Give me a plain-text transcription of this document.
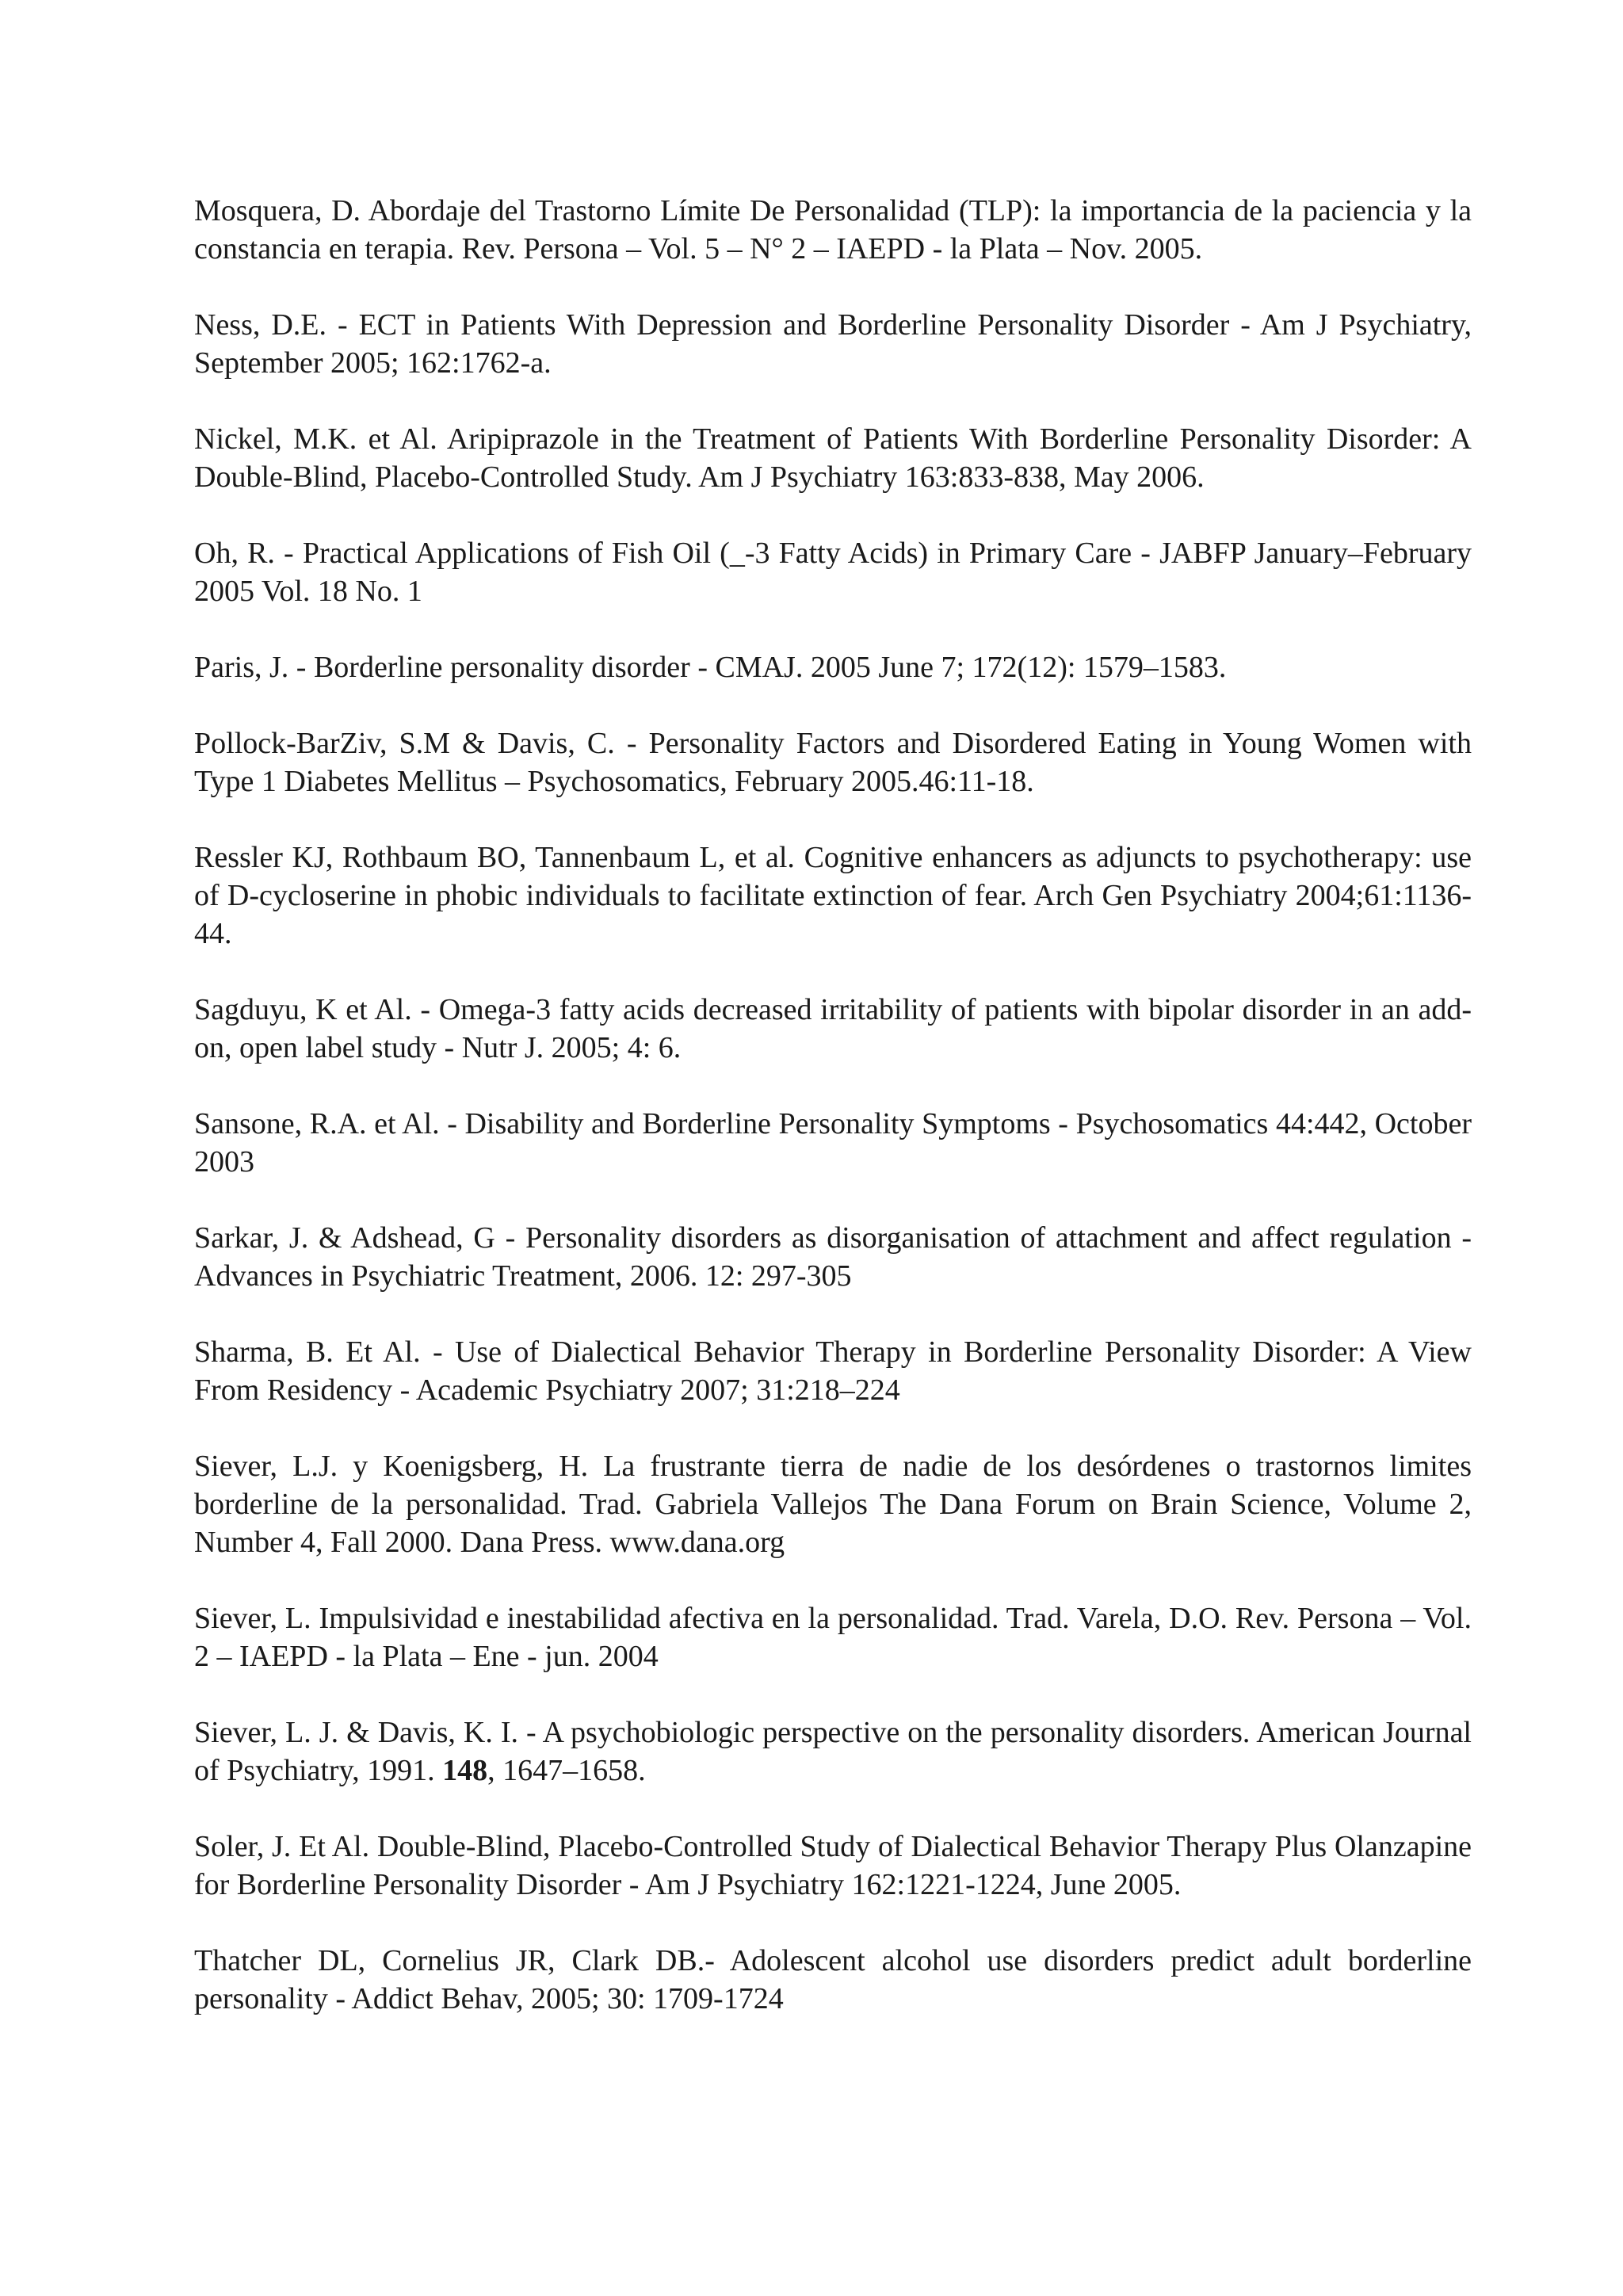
Mosquera, D. Abordaje del Trastorno Límite De Personalidad (TLP): la importancia de la paciencia y la constancia en terapia. Rev. Persona – Vol. 5 – N° 2 – IAEPD - la Plata – Nov. 2005.

Ness, D.E. - ECT in Patients With Depression and Borderline Personality Disorder - Am J Psychiatry, September 2005; 162:1762-a.

Nickel, M.K. et Al. Aripiprazole in the Treatment of Patients With Borderline Personality Disorder: A Double-Blind, Placebo-Controlled Study. Am J Psychiatry 163:833-838, May 2006.

Oh, R. - Practical Applications of Fish Oil (_-3 Fatty Acids) in Primary Care - JABFP January–February 2005 Vol. 18 No. 1

Paris, J. - Borderline personality disorder - CMAJ. 2005 June 7; 172(12): 1579–1583.

Pollock-BarZiv, S.M & Davis, C. - Personality Factors and Disordered Eating in Young Women with Type 1 Diabetes Mellitus – Psychosomatics, February 2005.46:11-18.

Ressler KJ, Rothbaum BO, Tannenbaum L, et al. Cognitive enhancers as adjuncts to psychotherapy: use of D-cycloserine in phobic individuals to facilitate extinction of fear. Arch Gen Psychiatry 2004;61:1136-44.

Sagduyu, K et Al. - Omega-3 fatty acids decreased irritability of patients with bipolar disorder in an add-on, open label study - Nutr J. 2005; 4: 6.

Sansone, R.A. et Al. - Disability and Borderline Personality Symptoms - Psychosomatics 44:442, October 2003

Sarkar, J. & Adshead, G - Personality disorders as disorganisation of attachment and affect regulation - Advances in Psychiatric Treatment, 2006. 12: 297-305

Sharma, B. Et Al. - Use of Dialectical Behavior Therapy in Borderline Personality Disorder: A View From Residency - Academic Psychiatry 2007; 31:218–224

Siever, L.J. y Koenigsberg, H. La frustrante tierra de nadie de los desórdenes o trastornos limites borderline de la personalidad. Trad. Gabriela Vallejos The Dana Forum on Brain Science, Volume 2, Number 4, Fall 2000. Dana Press. www.dana.org

Siever, L. Impulsividad e inestabilidad afectiva en la personalidad. Trad. Varela, D.O. Rev. Persona – Vol. 2 – IAEPD - la Plata – Ene - jun. 2004

Siever, L. J. & Davis, K. I. - A psychobiologic perspective on the personality disorders. American Journal of Psychiatry, 1991. 148, 1647–1658.

Soler, J. Et Al. Double-Blind, Placebo-Controlled Study of Dialectical Behavior Therapy Plus Olanzapine for Borderline Personality Disorder - Am J Psychiatry 162:1221-1224, June 2005.

Thatcher DL, Cornelius JR, Clark DB.- Adolescent alcohol use disorders predict adult borderline personality - Addict Behav, 2005; 30: 1709-1724
